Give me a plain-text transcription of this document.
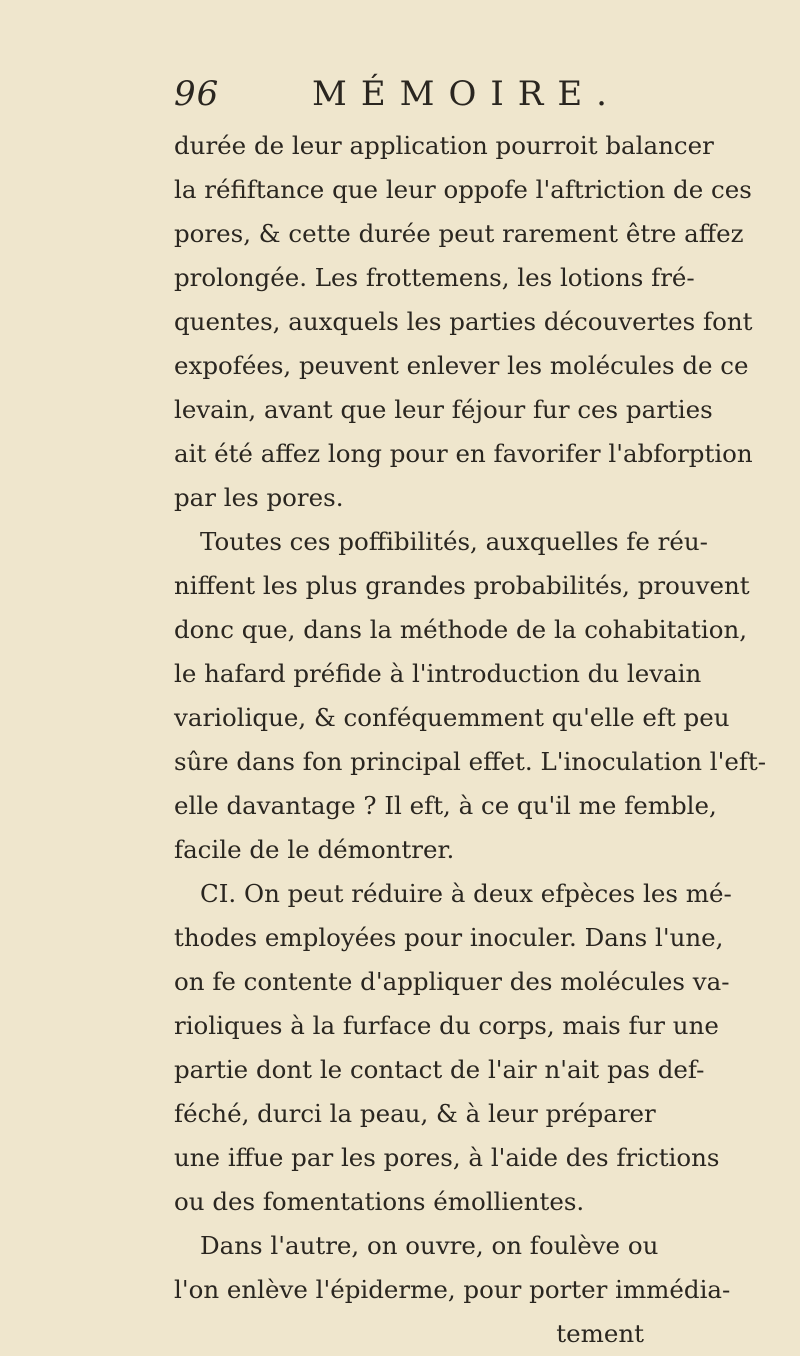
96	MÉMOIRE.
durée de leur application pourroit balancer
la réfiftance que leur oppofe l'aftriction de ces
pores, & cette durée peut rarement être affez
prolongée. Les frottemens, les lotions fré-
quentes, auxquels les parties découvertes font
expofées, peuvent enlever les molécules de ce
levain, avant que leur féjour fur ces parties
ait été affez long pour en favorifer l'abforption
par les pores.
Toutes ces poffibilités, auxquelles fe réu-
niffent les plus grandes probabilités, prouvent
donc que, dans la méthode de la cohabitation,
le hafard préfide à l'introduction du levain
variolique, & conféquemment qu'elle eft peu
sûre dans fon principal effet. L'inoculation l'eft-
elle davantage ? Il eft, à ce qu'il me femble,
facile de le démontrer.
CI. On peut réduire à deux efpèces les mé-
thodes employées pour inoculer. Dans l'une,
on fe contente d'appliquer des molécules va-
rioliques à la furface du corps, mais fur une
partie dont le contact de l'air n'ait pas def-
féché, durci la peau, & à leur préparer
une iffue par les pores, à l'aide des frictions
ou des fomentations émollientes.
Dans l'autre, on ouvre, on foulève ou
l'on enlève l'épiderme, pour porter immédia-
tement
